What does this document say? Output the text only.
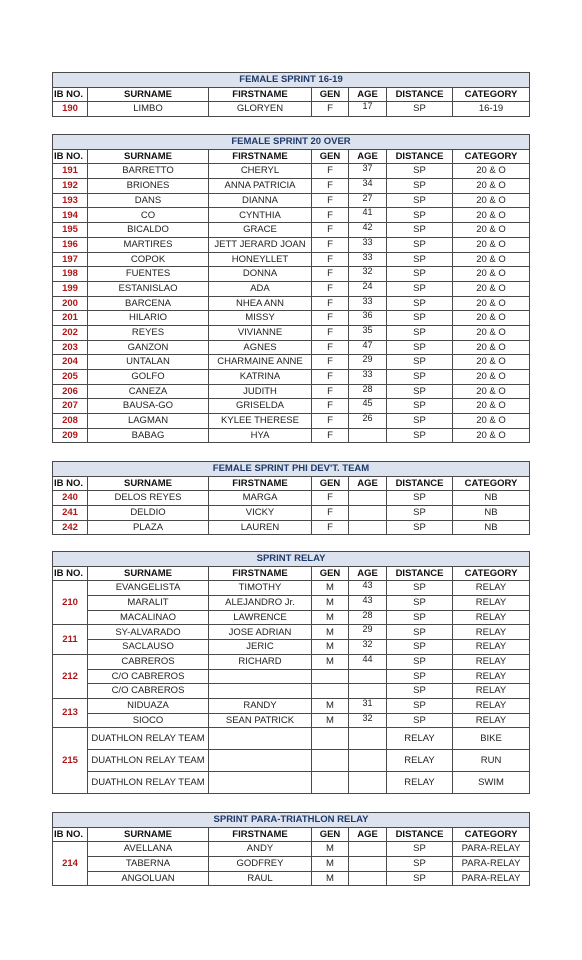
FEMALE SPRINT 16-19						
IB NO.	SURNAME	FIRSTNAME	GEN	AGE	DISTANCE	CATEGORY
190	LIMBO	GLORYEN	F	17	SP	16-19
FEMALE SPRINT 20 OVER						
IB NO.	SURNAME	FIRSTNAME	GEN	AGE	DISTANCE	CATEGORY
191	BARRETTO	CHERYL	F	37	SP	20 & O
192	BRIONES	ANNA PATRICIA	F	34	SP	20 & O
193	DANS	DIANNA	F	27	SP	20 & O
194	CO	CYNTHIA	F	41	SP	20 & O
195	BICALDO	GRACE	F	42	SP	20 & O
196	MARTIRES	JETT JERARD JOAN	F	33	SP	20 & O
197	COPOK	HONEYLLET	F	33	SP	20 & O
198	FUENTES	DONNA	F	32	SP	20 & O
199	ESTANISLAO	ADA	F	24	SP	20 & O
200	BARCENA	NHEA ANN	F	33	SP	20 & O
201	HILARIO	MISSY	F	36	SP	20 & O
202	REYES	VIVIANNE	F	35	SP	20 & O
203	GANZON	AGNES	F	47	SP	20 & O
204	UNTALAN	CHARMAINE ANNE	F	29	SP	20 & O
205	GOLFO	KATRINA	F	33	SP	20 & O
206	CANEZA	JUDITH	F	28	SP	20 & O
207	BAUSA-GO	GRISELDA	F	45	SP	20 & O
208	LAGMAN	KYLEE THERESE	F	26	SP	20 & O
209	BABAG	HYA	F		SP	20 & O
FEMALE SPRINT PHI DEV'T. TEAM						
IB NO.	SURNAME	FIRSTNAME	GEN	AGE	DISTANCE	CATEGORY
240	DELOS REYES	MARGA	F		SP	NB
241	DELDIO	VICKY	F		SP	NB
242	PLAZA	LAUREN	F		SP	NB
SPRINT RELAY						
IB NO.	SURNAME	FIRSTNAME	GEN	AGE	DISTANCE	CATEGORY
210	EVANGELISTA	TIMOTHY	M	43	SP	RELAY
	MARALIT	ALEJANDRO Jr.	M	43	SP	RELAY
	MACALINAO	LAWRENCE	M	28	SP	RELAY
211	SY-ALVARADO	JOSE ADRIAN	M	29	SP	RELAY
	SACLAUSO	JERIC	M	32	SP	RELAY
212	CABREROS	RICHARD	M	44	SP	RELAY
	C/O CABREROS				SP	RELAY
	C/O CABREROS				SP	RELAY
213	NIDUAZA	RANDY	M	31	SP	RELAY
	SIOCO	SEAN PATRICK	M	32	SP	RELAY
215	DUATHLON RELAY TEAM				RELAY	BIKE
	DUATHLON RELAY TEAM				RELAY	RUN
	DUATHLON RELAY TEAM				RELAY	SWIM
SPRINT PARA-TRIATHLON RELAY						
IB NO.	SURNAME	FIRSTNAME	GEN	AGE	DISTANCE	CATEGORY
214	AVELLANA	ANDY	M		SP	PARA-RELAY
	TABERNA	GODFREY	M		SP	PARA-RELAY
	ANGOLUAN	RAUL	M		SP	PARA-RELAY
